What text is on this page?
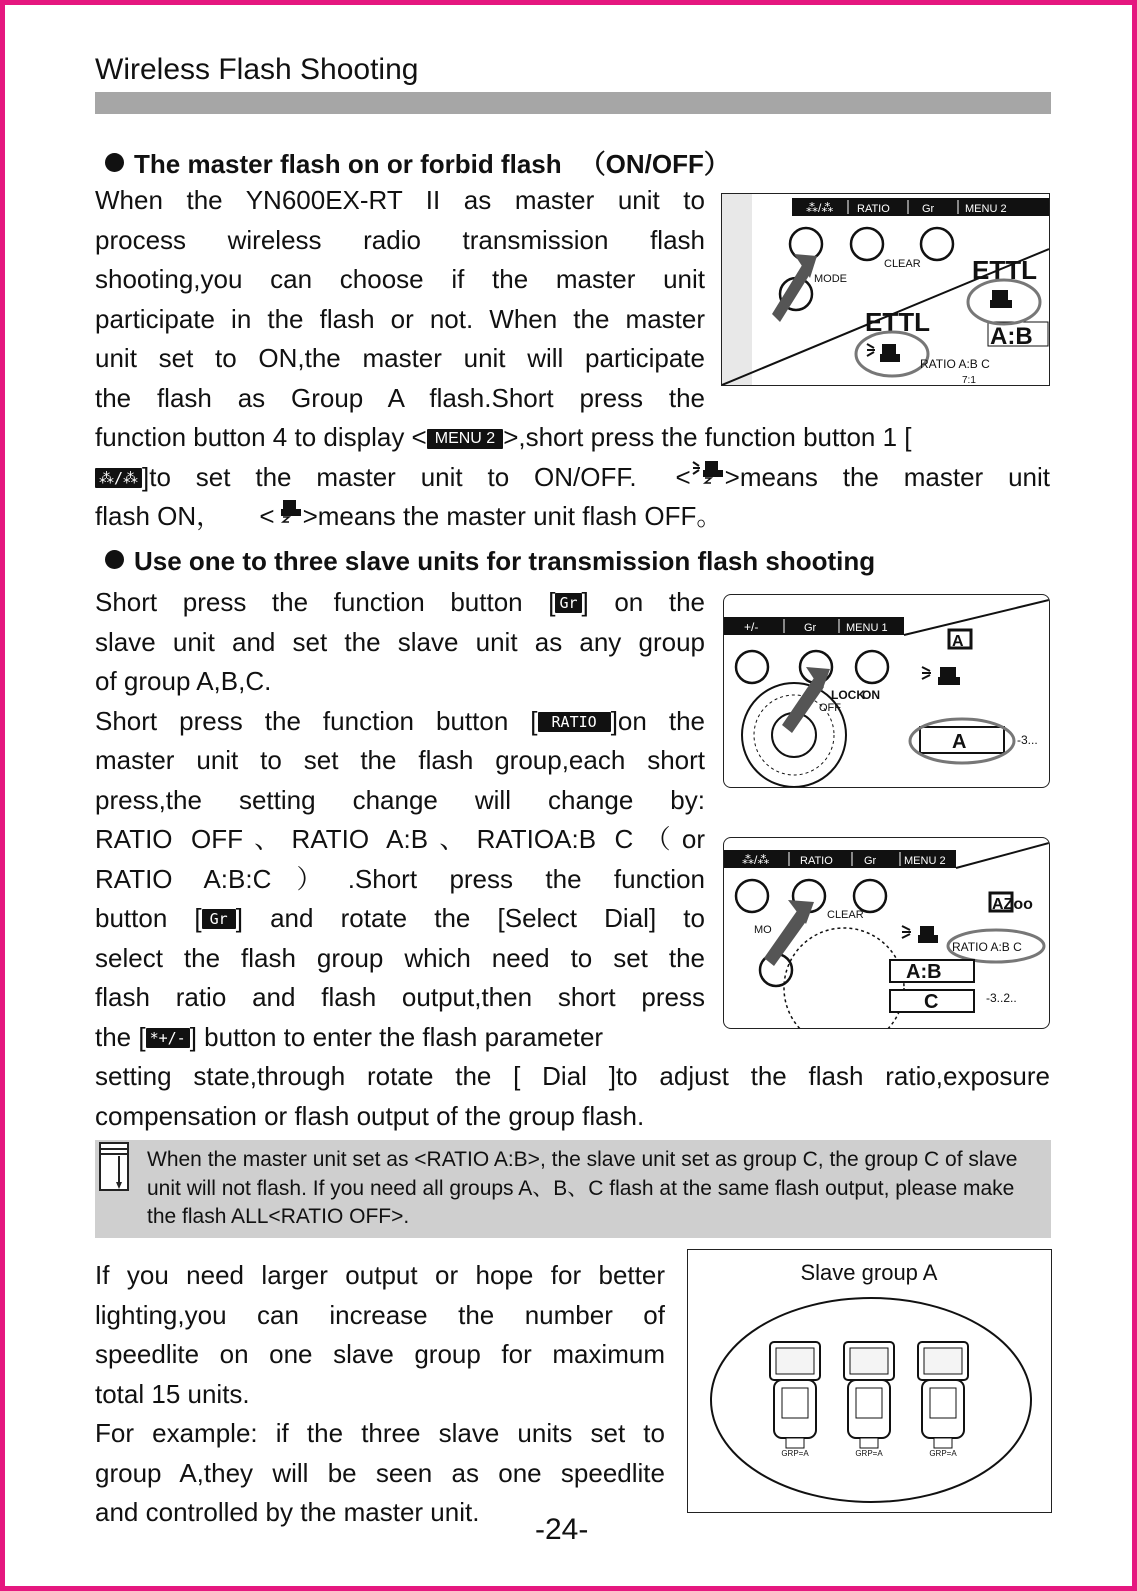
Wireless Flash Shooting
The master flash on or forbid flash （ON/OFF）
When the YN600EX-RT II as master unit to
process wireless radio transmission flash
shooting,you can choose if the master unit
participate in the flash or not. When the master
unit set to ON,the master unit will participate
the flash as Group A flash.Short press the
function button 4 to display < MENU 2 >,short press the function button 1 [
⁂/⁂ ]to set the master unit to ON/OFF. < >means the master unit
flash ON， < >means the master unit flash OFF。
Use one to three slave units for transmission flash shooting
Short press the function button [ Gr ] on the
slave unit and set the slave unit as any group
of group A,B,C.
Short press the function button [ RATIO ]on the
master unit to set the flash group,each short
press,the setting change will change by:
RATIO OFF、RATIO A:B、RATIOA:B C（or
RATIO A:B:C）.Short press the function
button [ Gr ] and rotate the [Select Dial] to
select the flash group which need to set the
flash ratio and flash output,then short press
the [ *+/- ] button to enter the flash parameter
setting state,through rotate the [ Dial ]to adjust the flash ratio,exposure
compensation or flash output of the group flash.
When the master unit set as <RATIO A:B>, the slave unit set as group C, the group C of slave unit will not flash. If you need all groups A、B、C flash at the same flash output, please make the flash ALL<RATIO OFF>.
If you need larger output or hope for better
lighting,you can increase the number of
speedlite on one slave group for maximum
total 15 units.
For example: if the three slave units set to
group A,they will be seen as one speedlite
and controlled by the master unit.
-24-
⁂/⁂ RATIO	Gr	MENU 2
MODE
CLEAR ETTL
A:B
ETTL
RATIO A:B C
7:1
+/-	Gr	MENU 1
LOCK
ON
OFF
A
A	-3...
⁂/⁂	RATIO	Gr	MENU 2
MO
CLEAR
AZoo
RATIO A:B C
A:B
C	-3..2..
Slave group A
GRP=A	GRP=A	GRP=A
